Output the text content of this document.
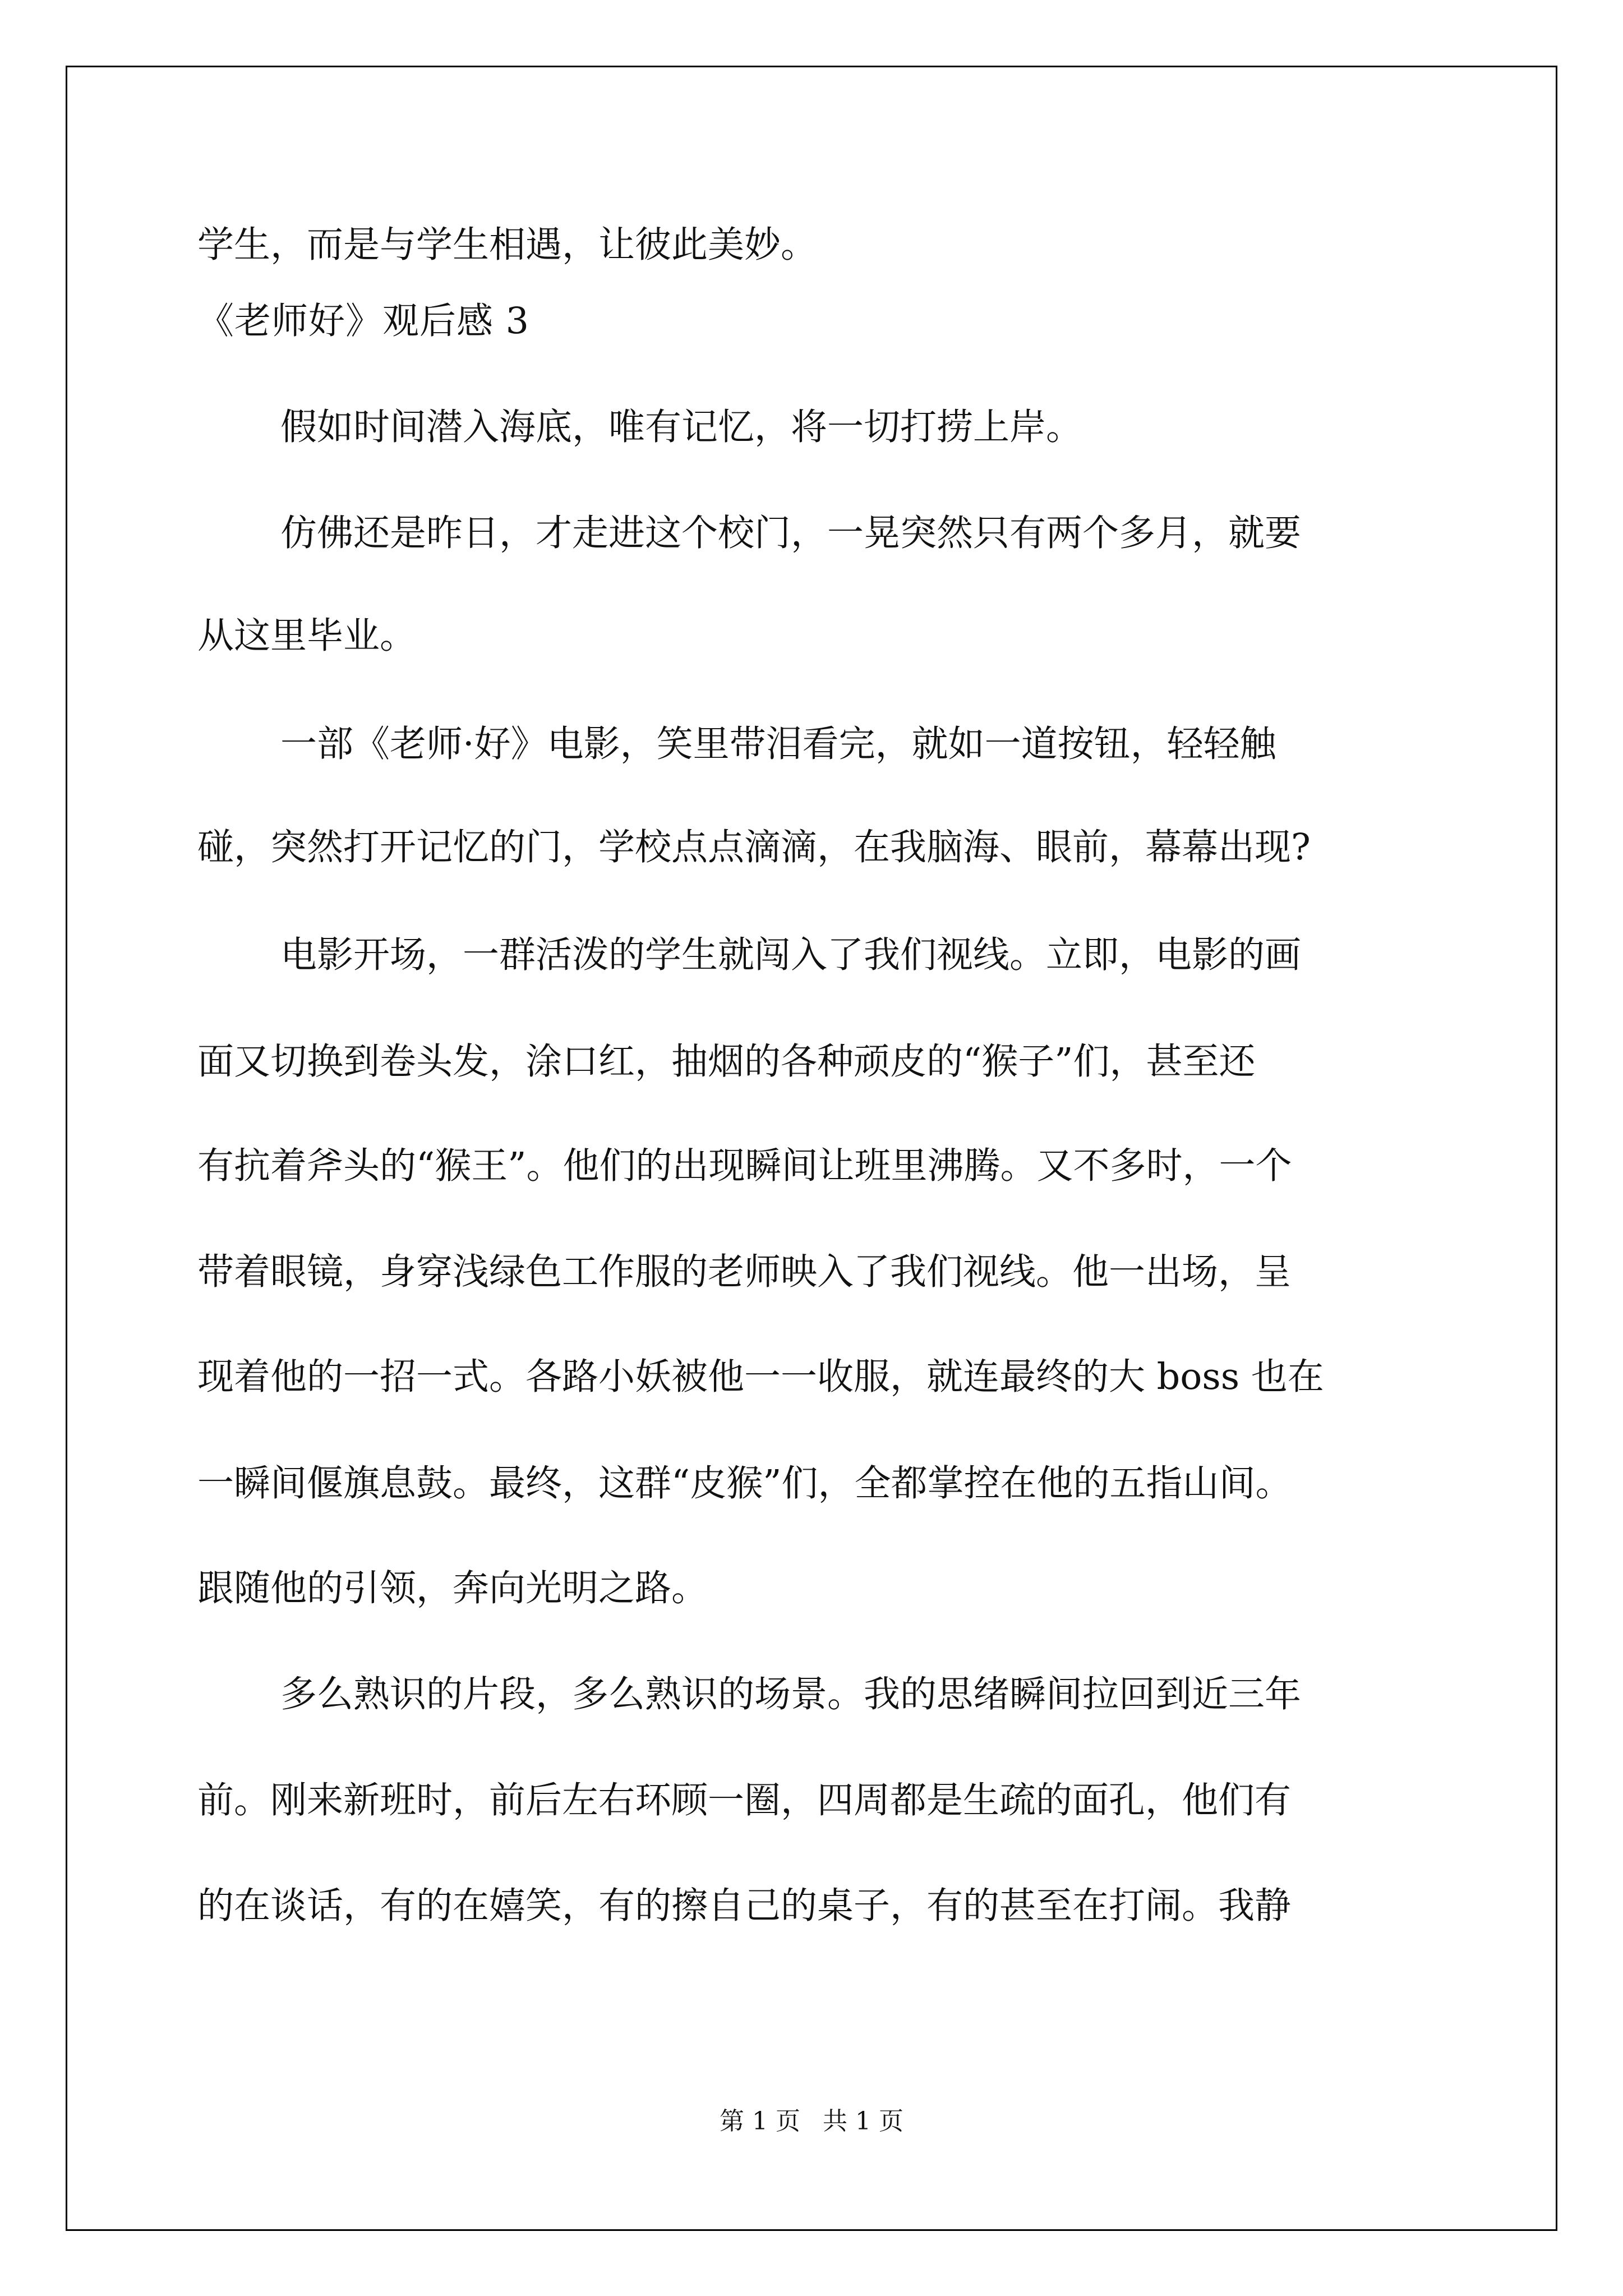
学生，而是与学生相遇，让彼此美妙。
《老师好》观后感 3
假如时间潜入海底，唯有记忆，将一切打捞上岸。
仿佛还是昨日，才走进这个校门，一晃突然只有两个多月，就要
从这里毕业。
一部《老师·好》电影，笑里带泪看完，就如一道按钮，轻轻触
碰，突然打开记忆的门，学校点点滴滴，在我脑海、眼前，幕幕出现?
电影开场，一群活泼的学生就闯入了我们视线。立即，电影的画
面又切换到卷头发，涂口红，抽烟的各种顽皮的“猴子”们，甚至还
有抗着斧头的“猴王”。他们的出现瞬间让班里沸腾。又不多时，一个
带着眼镜，身穿浅绿色工作服的老师映入了我们视线。他一出场，呈
现着他的一招一式。各路小妖被他一一收服，就连最终的大 boss 也在
一瞬间偃旗息鼓。最终，这群“皮猴”们，全都掌控在他的五指山间。
跟随他的引领，奔向光明之路。
多么熟识的片段，多么熟识的场景。我的思绪瞬间拉回到近三年
前。刚来新班时，前后左右环顾一圈，四周都是生疏的面孔，他们有
的在谈话，有的在嬉笑，有的擦自己的桌子，有的甚至在打闹。我静
第 1 页 共 1 页
